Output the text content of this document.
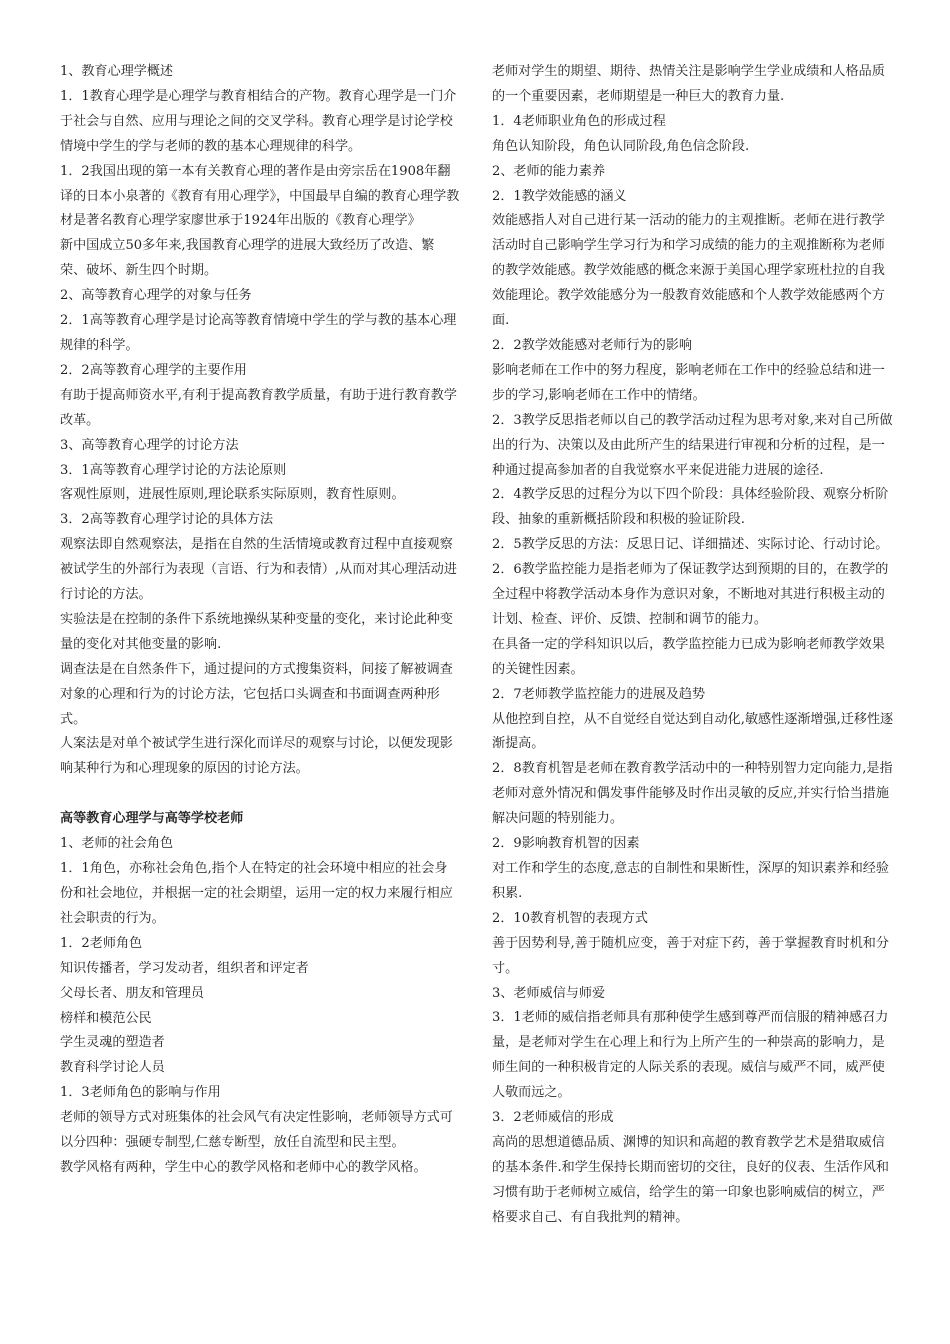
1、教育心理学概述

1．1教育心理学是心理学与教育相结合的产物。教育心理学是一门介于社会与自然、应用与理论之间的交叉学科。教育心理学是讨论学校情境中学生的学与老师的教的基本心理规律的科学。

1．2我国出现的第一本有关教育心理的著作是由旁宗岳在1908年翻译的日本小泉著的《教育有用心理学》，中国最早自编的教育心理学教材是著名教育心理学家廖世承于1924年出版的《教育心理学》

新中国成立50多年来,我国教育心理学的进展大致经历了改造、繁荣、破坏、新生四个时期。

2、高等教育心理学的对象与任务

2．1高等教育心理学是讨论高等教育情境中学生的学与教的基本心理规律的科学。

2．2高等教育心理学的主要作用

有助于提高师资水平,有利于提高教育教学质量，有助于进行教育教学改革。

3、高等教育心理学的讨论方法

3．1高等教育心理学讨论的方法论原则

客观性原则，进展性原则,理论联系实际原则，教育性原则。

3．2高等教育心理学讨论的具体方法

观察法即自然观察法，是指在自然的生活情境或教育过程中直接观察被试学生的外部行为表现（言语、行为和表情）,从而对其心理活动进行讨论的方法。

实验法是在控制的条件下系统地操纵某种变量的变化，来讨论此种变量的变化对其他变量的影响.

调查法是在自然条件下，通过提问的方式搜集资料，间接了解被调查对象的心理和行为的讨论方法，它包括口头调查和书面调查两种形式。

人案法是对单个被试学生进行深化而详尽的观察与讨论，以便发现影响某种行为和心理现象的原因的讨论方法。

高等教育心理学与高等学校老师

1、老师的社会角色

1．1角色，亦称社会角色,指个人在特定的社会环境中相应的社会身份和社会地位，并根据一定的社会期望，运用一定的权力来履行相应社会职责的行为。

1．2老师角色

知识传播者，学习发动者，组织者和评定者

父母长者、朋友和管理员

榜样和模范公民

学生灵魂的塑造者

教育科学讨论人员

1．3老师角色的影响与作用

老师的领导方式对班集体的社会风气有决定性影响，老师领导方式可以分四种：强硬专制型,仁慈专断型，放任自流型和民主型。

教学风格有两种，学生中心的教学风格和老师中心的教学风格。

老师对学生的期望、期待、热情关注是影响学生学业成绩和人格品质的一个重要因素，老师期望是一种巨大的教育力量.

1．4老师职业角色的形成过程

角色认知阶段，角色认同阶段,角色信念阶段.

2、老师的能力素养

2．1教学效能感的涵义

效能感指人对自己进行某一活动的能力的主观推断。老师在进行教学活动时自己影响学生学习行为和学习成绩的能力的主观推断称为老师的教学效能感。教学效能感的概念来源于美国心理学家班杜拉的自我效能理论。教学效能感分为一般教育效能感和个人教学效能感两个方面.

2．2教学效能感对老师行为的影响

影响老师在工作中的努力程度，影响老师在工作中的经验总结和进一步的学习,影响老师在工作中的情绪。

2．3教学反思指老师以自己的教学活动过程为思考对象,来对自己所做出的行为、决策以及由此所产生的结果进行审视和分析的过程，是一种通过提高参加者的自我觉察水平来促进能力进展的途径.

2．4教学反思的过程分为以下四个阶段：具体经验阶段、观察分析阶段、抽象的重新概括阶段和积极的验证阶段.

2．5教学反思的方法：反思日记、详细描述、实际讨论、行动讨论。

2．6教学监控能力是指老师为了保证教学达到预期的目的，在教学的全过程中将教学活动本身作为意识对象，不断地对其进行积极主动的计划、检查、评价、反馈、控制和调节的能力。

在具备一定的学科知识以后，教学监控能力已成为影响老师教学效果的关键性因素。

2．7老师教学监控能力的进展及趋势

从他控到自控，从不自觉经自觉达到自动化,敏感性逐渐增强,迁移性逐渐提高。

2．8教育机智是老师在教育教学活动中的一种特别智力定向能力,是指老师对意外情况和偶发事件能够及时作出灵敏的反应,并实行恰当措施解决问题的特别能力。

2．9影响教育机智的因素

对工作和学生的态度,意志的自制性和果断性，深厚的知识素养和经验积累.

2．10教育机智的表现方式

善于因势利导,善于随机应变，善于对症下药，善于掌握教育时机和分寸。

3、老师威信与师爱

3．1老师的威信指老师具有那种使学生感到尊严而信服的精神感召力量，是老师对学生在心理上和行为上所产生的一种崇高的影响力，是师生间的一种积极肯定的人际关系的表现。威信与威严不同，威严使人敬而远之。

3．2老师威信的形成

高尚的思想道德品质、渊博的知识和高超的教育教学艺术是猎取威信的基本条件.和学生保持长期而密切的交往，良好的仪表、生活作风和习惯有助于老师树立威信，给学生的第一印象也影响威信的树立，严格要求自己、有自我批判的精神。
